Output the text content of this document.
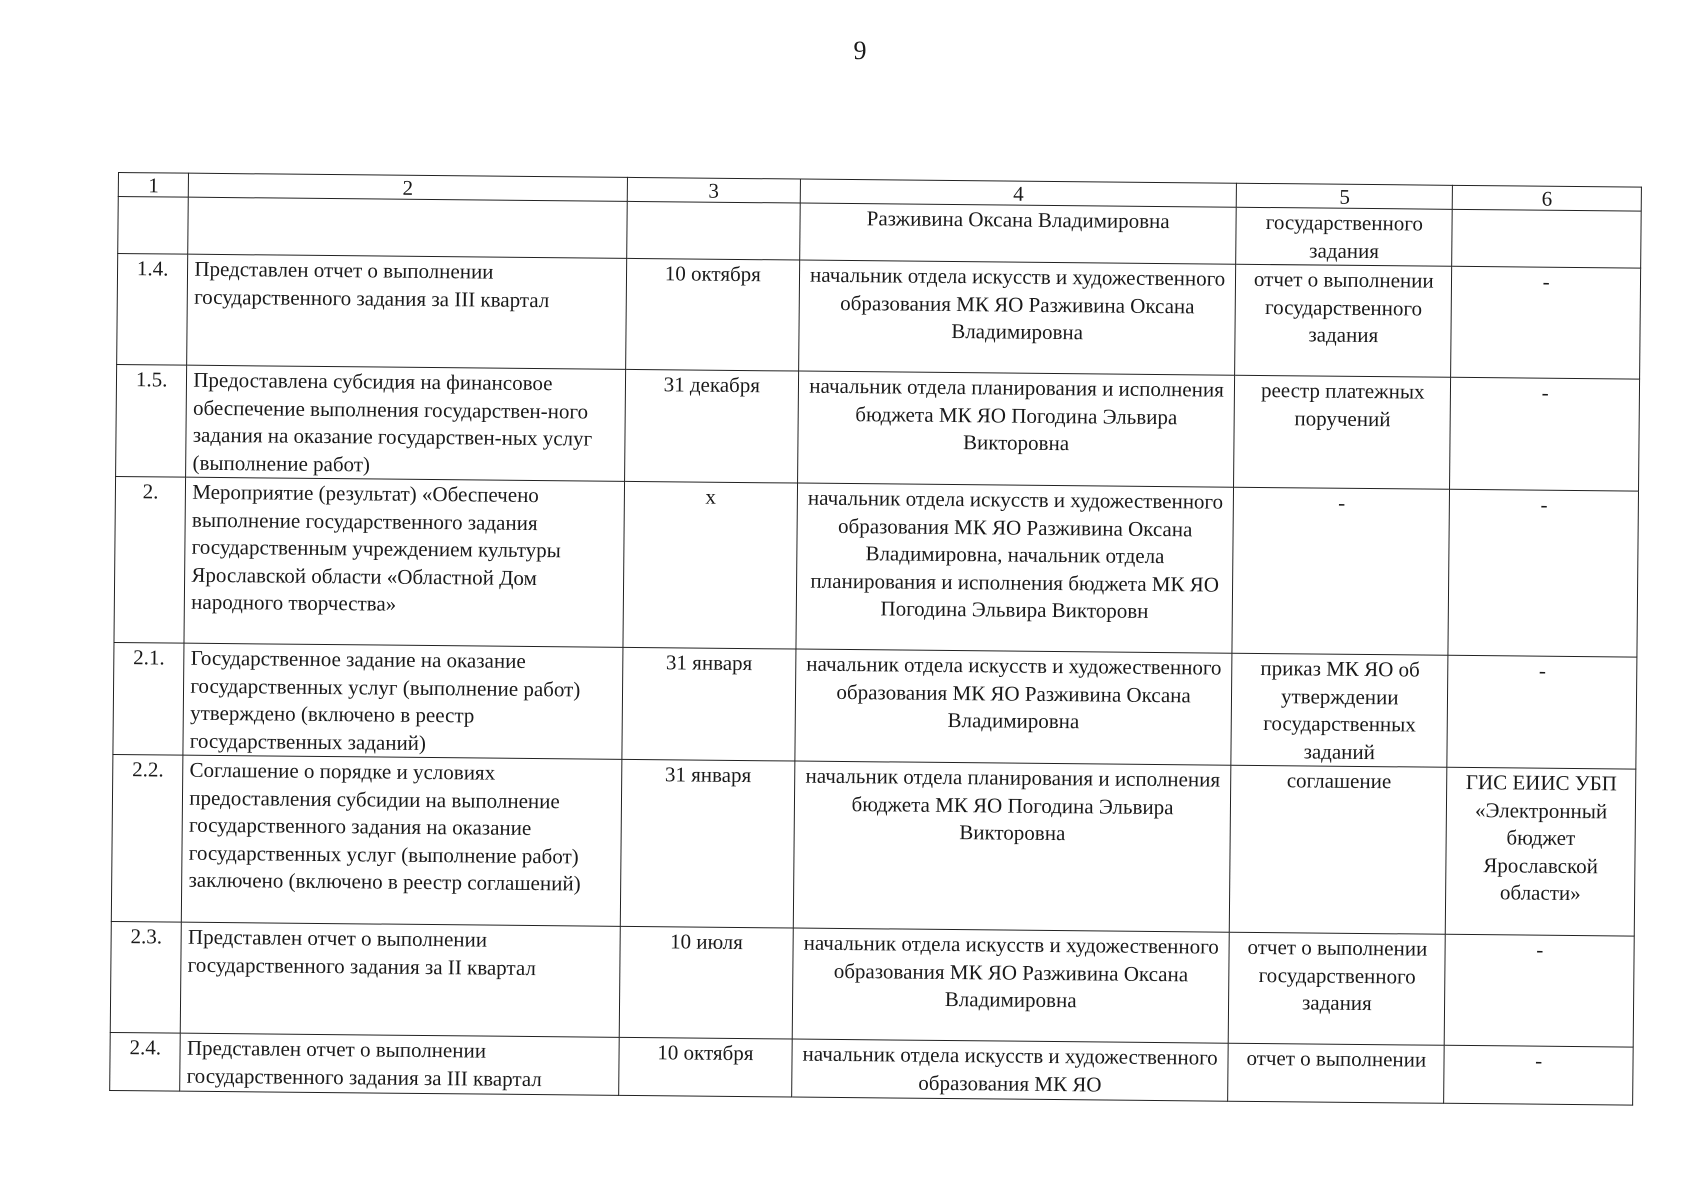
9
1	2	3	4	5	6
			Разживина Оксана Владимировна	государственного задания	
1.4.	Представлен отчет о выполнении государственного задания за III квартал	10 октября	начальник отдела искусств и художественного образования МК ЯО Разживина Оксана Владимировна	отчет о выполнении государственного задания	-
1.5.	Предоставлена субсидия на финансовое обеспечение выполнения государствен-ного задания на оказание государствен-ных услуг (выполнение работ)	31 декабря	начальник отдела планирования и исполнения бюджета МК ЯО Погодина Эльвира Викторовна	реестр платежных поручений	-
2.	Мероприятие (результат) «Обеспечено выполнение государственного задания государственным учреждением культуры Ярославской области «Областной Дом народного творчества»	х	начальник отдела искусств и художественного образования МК ЯО Разживина Оксана Владимировна, начальник отдела планирования и исполнения бюджета МК ЯО Погодина Эльвира Викторовн	-	-
2.1.	Государственное задание на оказание государственных услуг (выполнение работ) утверждено (включено в реестр государственных заданий)	31 января	начальник отдела искусств и художественного образования МК ЯО Разживина Оксана Владимировна	приказ МК ЯО об утверждении государственных заданий	-
2.2.	Соглашение о порядке и условиях предоставления субсидии на выполнение государственного задания на оказание государственных услуг (выполнение работ) заключено (включено в реестр соглашений)	31 января	начальник отдела планирования и исполнения бюджета МК ЯО Погодина Эльвира Викторовна	соглашение	ГИС ЕИИС УБП «Электронный бюджет Ярославской области»
2.3.	Представлен отчет о выполнении государственного задания за II квартал	10 июля	начальник отдела искусств и художественного образования МК ЯО Разживина Оксана Владимировна	отчет о выполнении государственного задания	-
2.4.	Представлен отчет о выполнении государственного задания за III квартал	10 октября	начальник отдела искусств и художественного образования МК ЯО	отчет о выполнении	-
